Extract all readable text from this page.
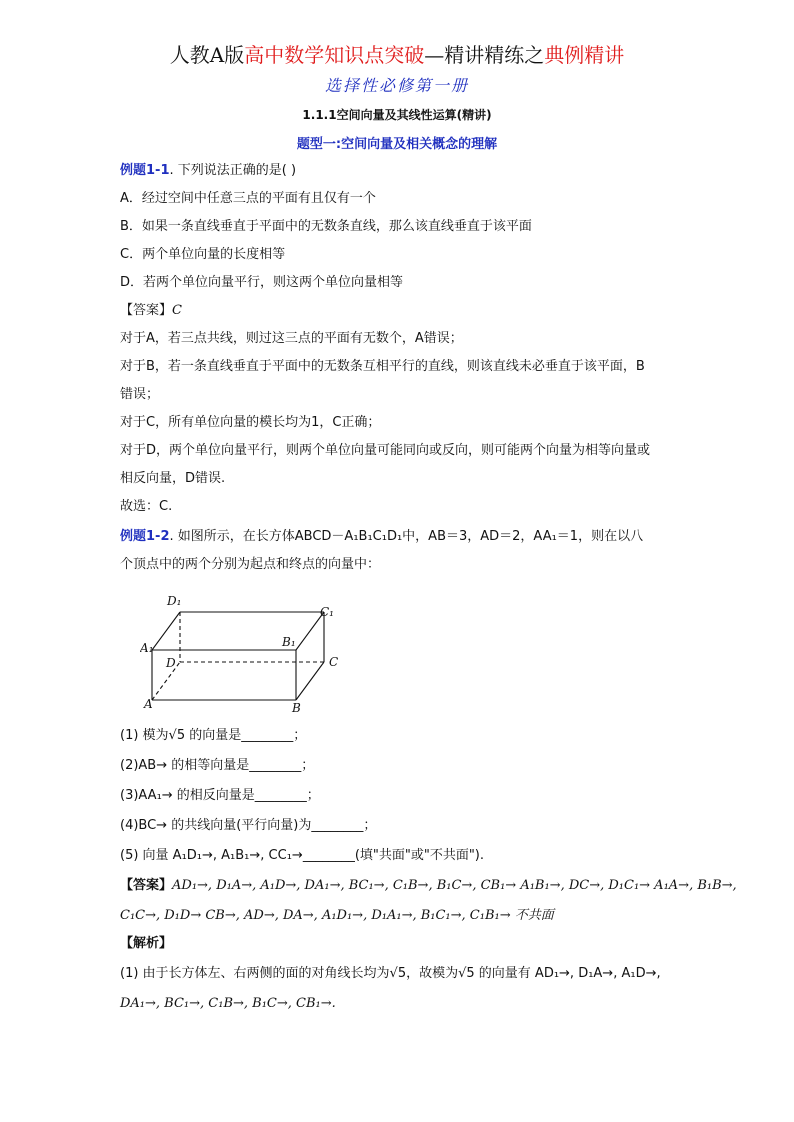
人教A版高中数学知识点突破—精讲精练之典例精讲
选择性必修第一册
1.1.1空间向量及其线性运算(精讲)
题型一:空间向量及相关概念的理解
例题1-1. 下列说法正确的是( )
A．经过空间中任意三点的平面有且仅有一个
B．如果一条直线垂直于平面中的无数条直线，那么该直线垂直于该平面
C．两个单位向量的长度相等
D．若两个单位向量平行，则这两个单位向量相等
【答案】C
对于A，若三点共线，则过这三点的平面有无数个，A错误；
对于B，若一条直线垂直于平面中的无数条互相平行的直线，则该直线未必垂直于该平面，B
错误；
对于C，所有单位向量的模长均为1，C正确；
对于D，两个单位向量平行，则两个单位向量可能同向或反向，则可能两个向量为相等向量或
相反向量，D错误.
故选：C.
例题1-2. 如图所示，在长方体ABCD－A₁B₁C₁D₁中，AB＝3，AD＝2，AA₁＝1，则在以八
个顶点中的两个分别为起点和终点的向量中：
D₁
C₁
A₁	B₁
D	C
A	B
(1) 模为√5 的向量是________；
(2)AB→ 的相等向量是________；
(3)AA₁→ 的相反向量是________；
(4)BC→ 的共线向量(平行向量)为________；
(5) 向量 A₁D₁→, A₁B₁→, CC₁→________(填"共面"或"不共面").
【答案】AD₁→, D₁A→, A₁D→, DA₁→, BC₁→, C₁B→, B₁C→, CB₁→ A₁B₁→, DC→, D₁C₁→ A₁A→, B₁B→,
C₁C→, D₁D→ CB→, AD→, DA→, A₁D₁→, D₁A₁→, B₁C₁→, C₁B₁→ 不共面
【解析】
(1) 由于长方体左、右两侧的面的对角线长均为√5，故模为√5 的向量有 AD₁→, D₁A→, A₁D→,
DA₁→, BC₁→, C₁B→, B₁C→, CB₁→.
